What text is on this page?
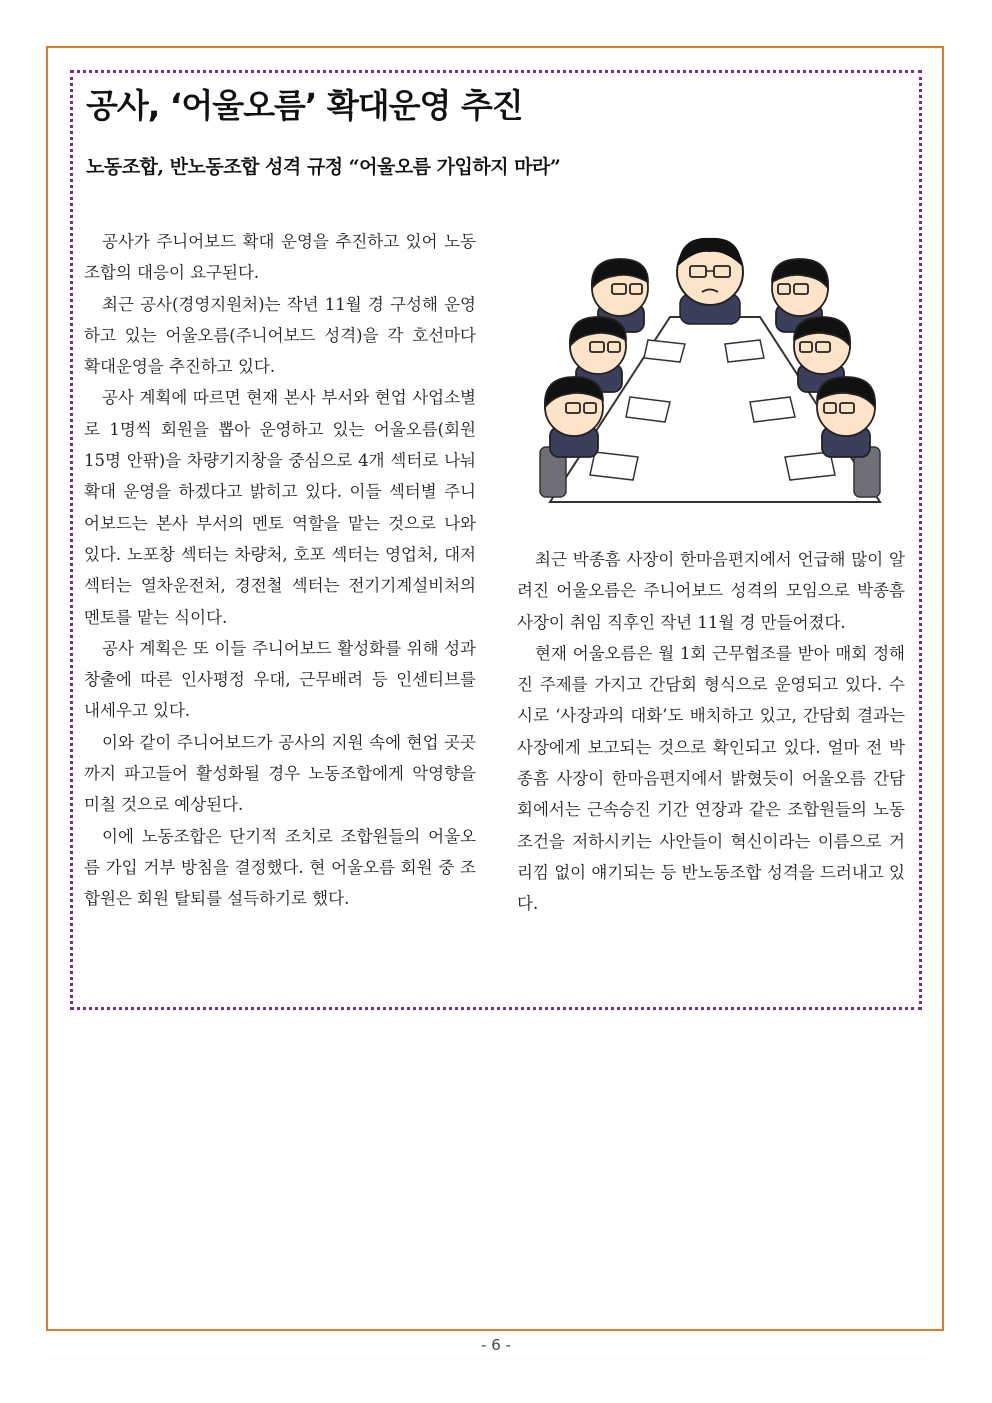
공사, ‘어울오름’ 확대운영 추진
노동조합, 반노동조합 성격 규정 “어울오름 가입하지 마라”

공사가 주니어보드 확대 운영을 추진하고 있어 노동조합의 대응이 요구된다.

최근 공사(경영지원처)는 작년 11월 경 구성해 운영하고 있는 어울오름(주니어보드 성격)을 각 호선마다 확대운영을 추진하고 있다.

공사 계획에 따르면 현재 본사 부서와 현업 사업소별로 1명씩 회원을 뽑아 운영하고 있는 어울오름(회원 15명 안팎)을 차량기지창을 중심으로 4개 섹터로 나눠 확대 운영을 하겠다고 밝히고 있다. 이들 섹터별 주니어보드는 본사 부서의 멘토 역할을 맡는 것으로 나와 있다. 노포창 섹터는 차량처, 호포 섹터는 영업처, 대저 섹터는 열차운전처, 경전철 섹터는 전기기계설비처의 멘토를 맡는 식이다.

공사 계획은 또 이들 주니어보드 활성화를 위해 성과창출에 따른 인사평정 우대, 근무배려 등 인센티브를 내세우고 있다.

이와 같이 주니어보드가 공사의 지원 속에 현업 곳곳까지 파고들어 활성화될 경우 노동조합에게 악영향을 미칠 것으로 예상된다.

이에 노동조합은 단기적 조치로 조합원들의 어울오름 가입 거부 방침을 결정했다. 현 어울오름 회원 중 조합원은 회원 탈퇴를 설득하기로 했다.

최근 박종흠 사장이 한마음편지에서 언급해 많이 알려진 어울오름은 주니어보드 성격의 모임으로 박종흠 사장이 취임 직후인 작년 11월 경 만들어졌다.

현재 어울오름은 월 1회 근무협조를 받아 매회 정해진 주제를 가지고 간담회 형식으로 운영되고 있다. 수시로 ‘사장과의 대화’도 배치하고 있고, 간담회 결과는 사장에게 보고되는 것으로 확인되고 있다. 얼마 전 박종흠 사장이 한마음편지에서 밝혔듯이 어울오름 간담회에서는 근속승진 기간 연장과 같은 조합원들의 노동조건을 저하시키는 사안들이 혁신이라는 이름으로 거리낌 없이 얘기되는 등 반노동조합 성격을 드러내고 있다.

- 6 -
